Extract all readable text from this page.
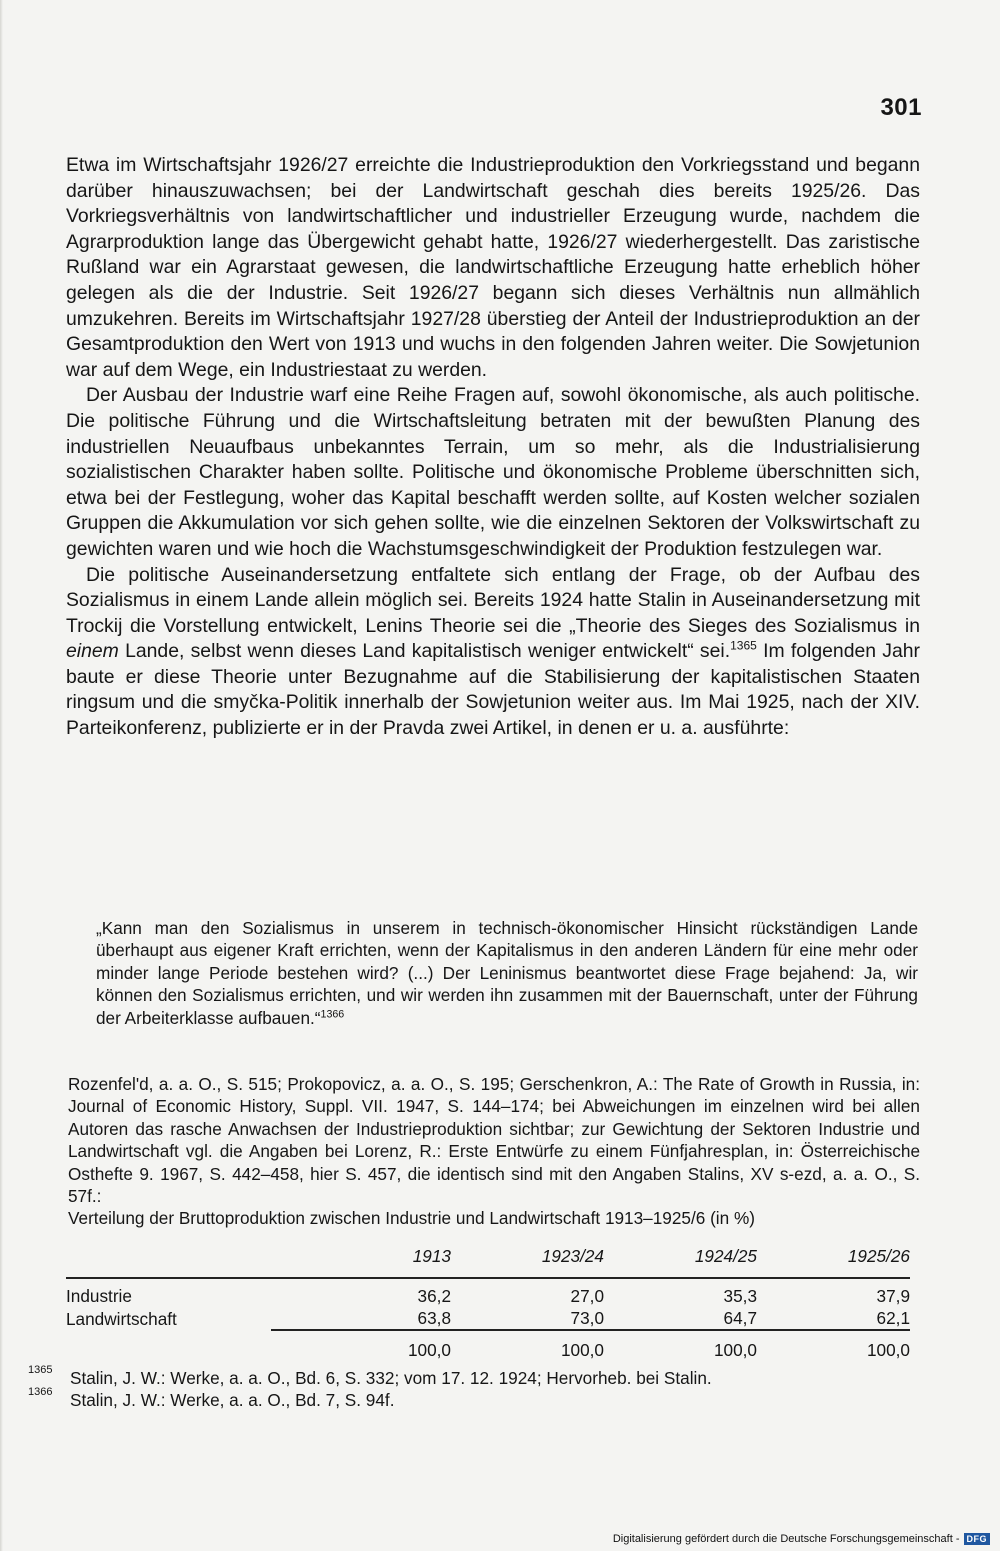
301

Etwa im Wirtschaftsjahr 1926/27 erreichte die Industrieproduktion den Vorkriegsstand und begann darüber hinauszuwachsen; bei der Landwirtschaft geschah dies bereits 1925/26. Das Vorkriegsverhältnis von landwirtschaftlicher und industrieller Erzeugung wurde, nachdem die Agrarproduktion lange das Übergewicht gehabt hatte, 1926/27 wiederhergestellt. Das zaristische Rußland war ein Agrarstaat gewesen, die landwirtschaftliche Erzeugung hatte erheblich höher gelegen als die der Industrie. Seit 1926/27 begann sich dieses Verhältnis nun allmählich umzukehren. Bereits im Wirtschaftsjahr 1927/28 überstieg der Anteil der Industrieproduktion an der Gesamtproduktion den Wert von 1913 und wuchs in den folgenden Jahren weiter. Die Sowjetunion war auf dem Wege, ein Industriestaat zu werden.

Der Ausbau der Industrie warf eine Reihe Fragen auf, sowohl ökonomische, als auch politische. Die politische Führung und die Wirtschaftsleitung betraten mit der bewußten Planung des industriellen Neuaufbaus unbekanntes Terrain, um so mehr, als die Industrialisierung sozialistischen Charakter haben sollte. Politische und ökonomische Probleme überschnitten sich, etwa bei der Festlegung, woher das Kapital beschafft werden sollte, auf Kosten welcher sozialen Gruppen die Akkumulation vor sich gehen sollte, wie die einzelnen Sektoren der Volkswirtschaft zu gewichten waren und wie hoch die Wachstumsgeschwindigkeit der Produktion festzulegen war.

Die politische Auseinandersetzung entfaltete sich entlang der Frage, ob der Aufbau des Sozialismus in einem Lande allein möglich sei. Bereits 1924 hatte Stalin in Auseinandersetzung mit Trockij die Vorstellung entwickelt, Lenins Theorie sei die „Theorie des Sieges des Sozialismus in einem Lande, selbst wenn dieses Land kapitalistisch weniger entwickelt“ sei.$^{1365}$ Im folgenden Jahr baute er diese Theorie unter Bezugnahme auf die Stabilisierung der kapitalistischen Staaten ringsum und die smyčka-Politik innerhalb der Sowjetunion weiter aus. Im Mai 1925, nach der XIV. Parteikonferenz, publizierte er in der Pravda zwei Artikel, in denen er u. a. ausführte:

„Kann man den Sozialismus in unserem in technisch-ökonomischer Hinsicht rückständigen Lande überhaupt aus eigener Kraft errichten, wenn der Kapitalismus in den anderen Ländern für eine mehr oder minder lange Periode bestehen wird? (...) Der Leninismus beantwortet diese Frage bejahend: Ja, wir können den Sozialismus errichten, und wir werden ihn zusammen mit der Bauernschaft, unter der Führung der Arbeiterklasse aufbauen.“$^{1366}$

Rozenfel'd, a. a. O., S. 515; Prokopovicz, a. a. O., S. 195; Gerschenkron, A.: The Rate of Growth in Russia, in: Journal of Economic History, Suppl. VII. 1947, S. 144–174; bei Abweichungen im einzelnen wird bei allen Autoren das rasche Anwachsen der Industrieproduktion sichtbar; zur Gewichtung der Sektoren Industrie und Landwirtschaft vgl. die Angaben bei Lorenz, R.: Erste Entwürfe zu einem Fünfjahresplan, in: Österreichische Osthefte 9. 1967, S. 442–458, hier S. 457, die identisch sind mit den Angaben Stalins, XV s-ezd, a. a. O., S. 57f.:

Verteilung der Bruttoproduktion zwischen Industrie und Landwirtschaft 1913–1925/6 (in %)

	1913	1923/24	1924/25	1925/26
Industrie	36,2	27,0	35,3	37,9
Landwirtschaft	63,8	73,0	64,7	62,1
	100,0	100,0	100,0	100,0
1365 Stalin, J. W.: Werke, a. a. O., Bd. 6, S. 332; vom 17. 12. 1924; Hervorheb. bei Stalin.
1366 Stalin, J. W.: Werke, a. a. O., Bd. 7, S. 94f.
Digitalisierung gefördert durch die Deutsche Forschungsgemeinschaft - DFG
